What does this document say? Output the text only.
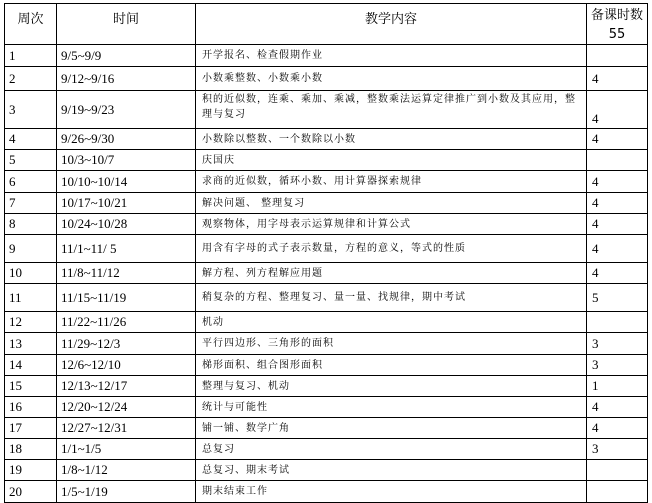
周次	时间	教学内容	备课时数55
1	9/5~9/9	开学报名、检查假期作业	
2	9/12~9/16	小数乘整数、小数乘小数	4
3	9/19~9/23	积的近似数，连乘、乘加、乘减，整数乘法运算定律推广到小数及其应用，整理与复习	4
4	9/26~9/30	小数除以整数、一个数除以小数	4
5	10/3~10/7	庆国庆	
6	10/10~10/14	求商的近似数，循环小数、用计算器探索规律	4
7	10/17~10/21	解决问题、 整理复习	4
8	10/24~10/28	观察物体，用字母表示运算规律和计算公式	4
9	11/1~11/ 5	用含有字母的式子表示数量，方程的意义，等式的性质	4
10	11/8~11/12	解方程、列方程解应用题	4
11	11/15~11/19	稍复杂的方程、整理复习、量一量、找规律，期中考试	5
12	11/22~11/26	机动	
13	11/29~12/3	平行四边形、三角形的面积	3
14	12/6~12/10	梯形面积、组合图形面积	3
15	12/13~12/17	整理与复习、机动	1
16	12/20~12/24	统计与可能性	4
17	12/27~12/31	铺一铺、数学广角	4
18	1/1~1/5	总复习	3
19	1/8~1/12	总复习、期末考试	
20	1/5~1/19	期末结束工作	
